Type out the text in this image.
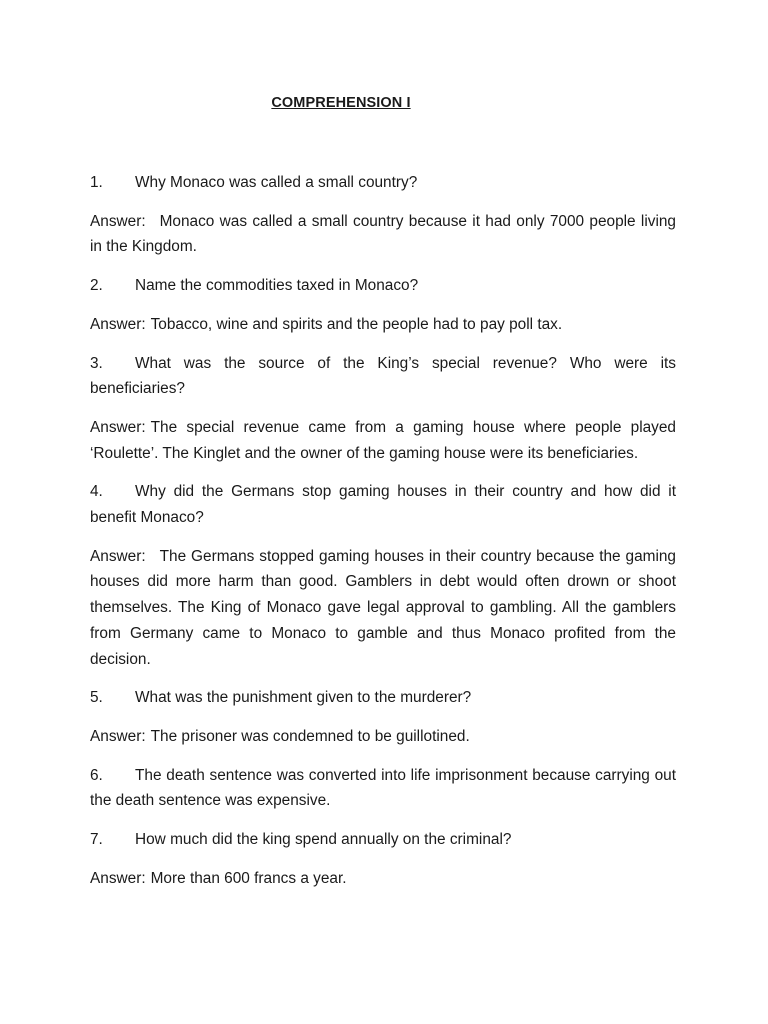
COMPREHENSION I

1. Why Monaco was called a small country?

Answer: Monaco was called a small country because it had only 7000 people living in the Kingdom.

2. Name the commodities taxed in Monaco?

Answer: Tobacco, wine and spirits and the people had to pay poll tax.

3. What was the source of the King’s special revenue? Who were its beneficiaries?

Answer: The special revenue came from a gaming house where people played ‘Roulette’. The Kinglet and the owner of the gaming house were its beneficiaries.

4. Why did the Germans stop gaming houses in their country and how did it benefit Monaco?

Answer: The Germans stopped gaming houses in their country because the gaming houses did more harm than good. Gamblers in debt would often drown or shoot themselves. The King of Monaco gave legal approval to gambling. All the gamblers from Germany came to Monaco to gamble and thus Monaco profited from the decision.

5. What was the punishment given to the murderer?

Answer: The prisoner was condemned to be guillotined.

6. The death sentence was converted into life imprisonment because carrying out the death sentence was expensive.

7. How much did the king spend annually on the criminal?

Answer: More than 600 francs a year.
